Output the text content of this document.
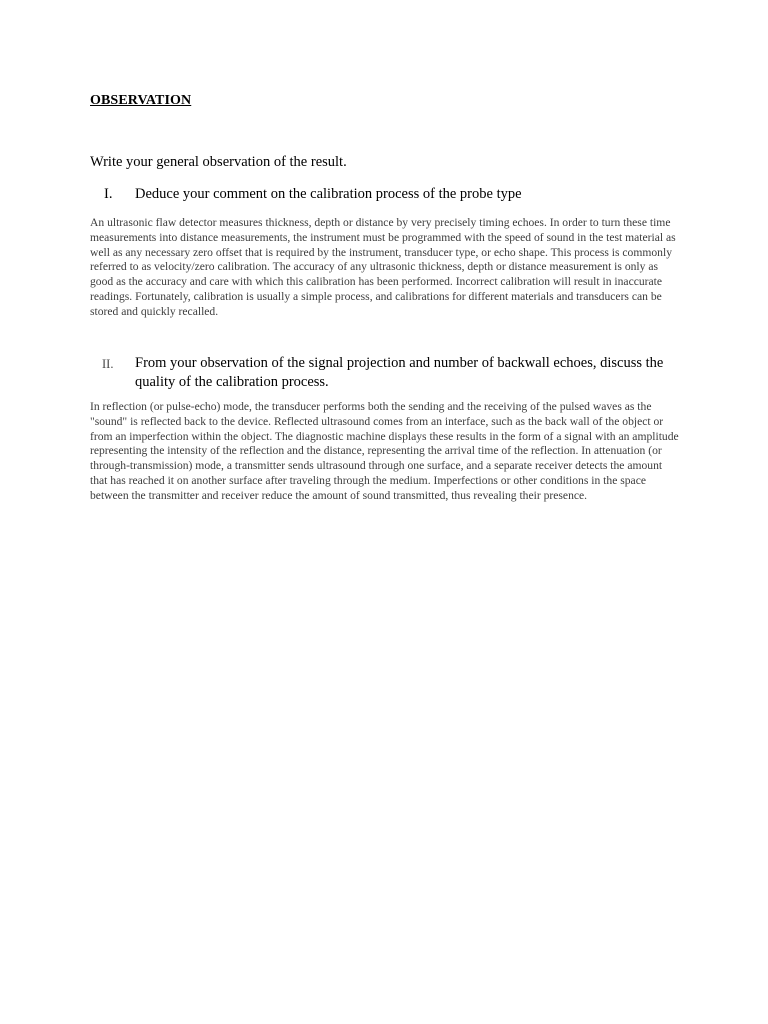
OBSERVATION

Write your general observation of the result.

I.	Deduce your comment on the calibration process of the probe type

An ultrasonic flaw detector measures thickness, depth or distance by very precisely timing echoes. In order to turn these time measurements into distance measurements, the instrument must be programmed with the speed of sound in the test material as well as any necessary zero offset that is required by the instrument, transducer type, or echo shape. This process is commonly referred to as velocity/zero calibration. The accuracy of any ultrasonic thickness, depth or distance measurement is only as good as the accuracy and care with which this calibration has been performed. Incorrect calibration will result in inaccurate readings. Fortunately, calibration is usually a simple process, and calibrations for different materials and transducers can be stored and quickly recalled.

II.	From your observation of the signal projection and number of backwall echoes, discuss the quality of the calibration process.

In reflection (or pulse-echo) mode, the transducer performs both the sending and the receiving of the pulsed waves as the "sound" is reflected back to the device. Reflected ultrasound comes from an interface, such as the back wall of the object or from an imperfection within the object. The diagnostic machine displays these results in the form of a signal with an amplitude representing the intensity of the reflection and the distance, representing the arrival time of the reflection. In attenuation (or through-transmission) mode, a transmitter sends ultrasound through one surface, and a separate receiver detects the amount that has reached it on another surface after traveling through the medium. Imperfections or other conditions in the space between the transmitter and receiver reduce the amount of sound transmitted, thus revealing their presence.
